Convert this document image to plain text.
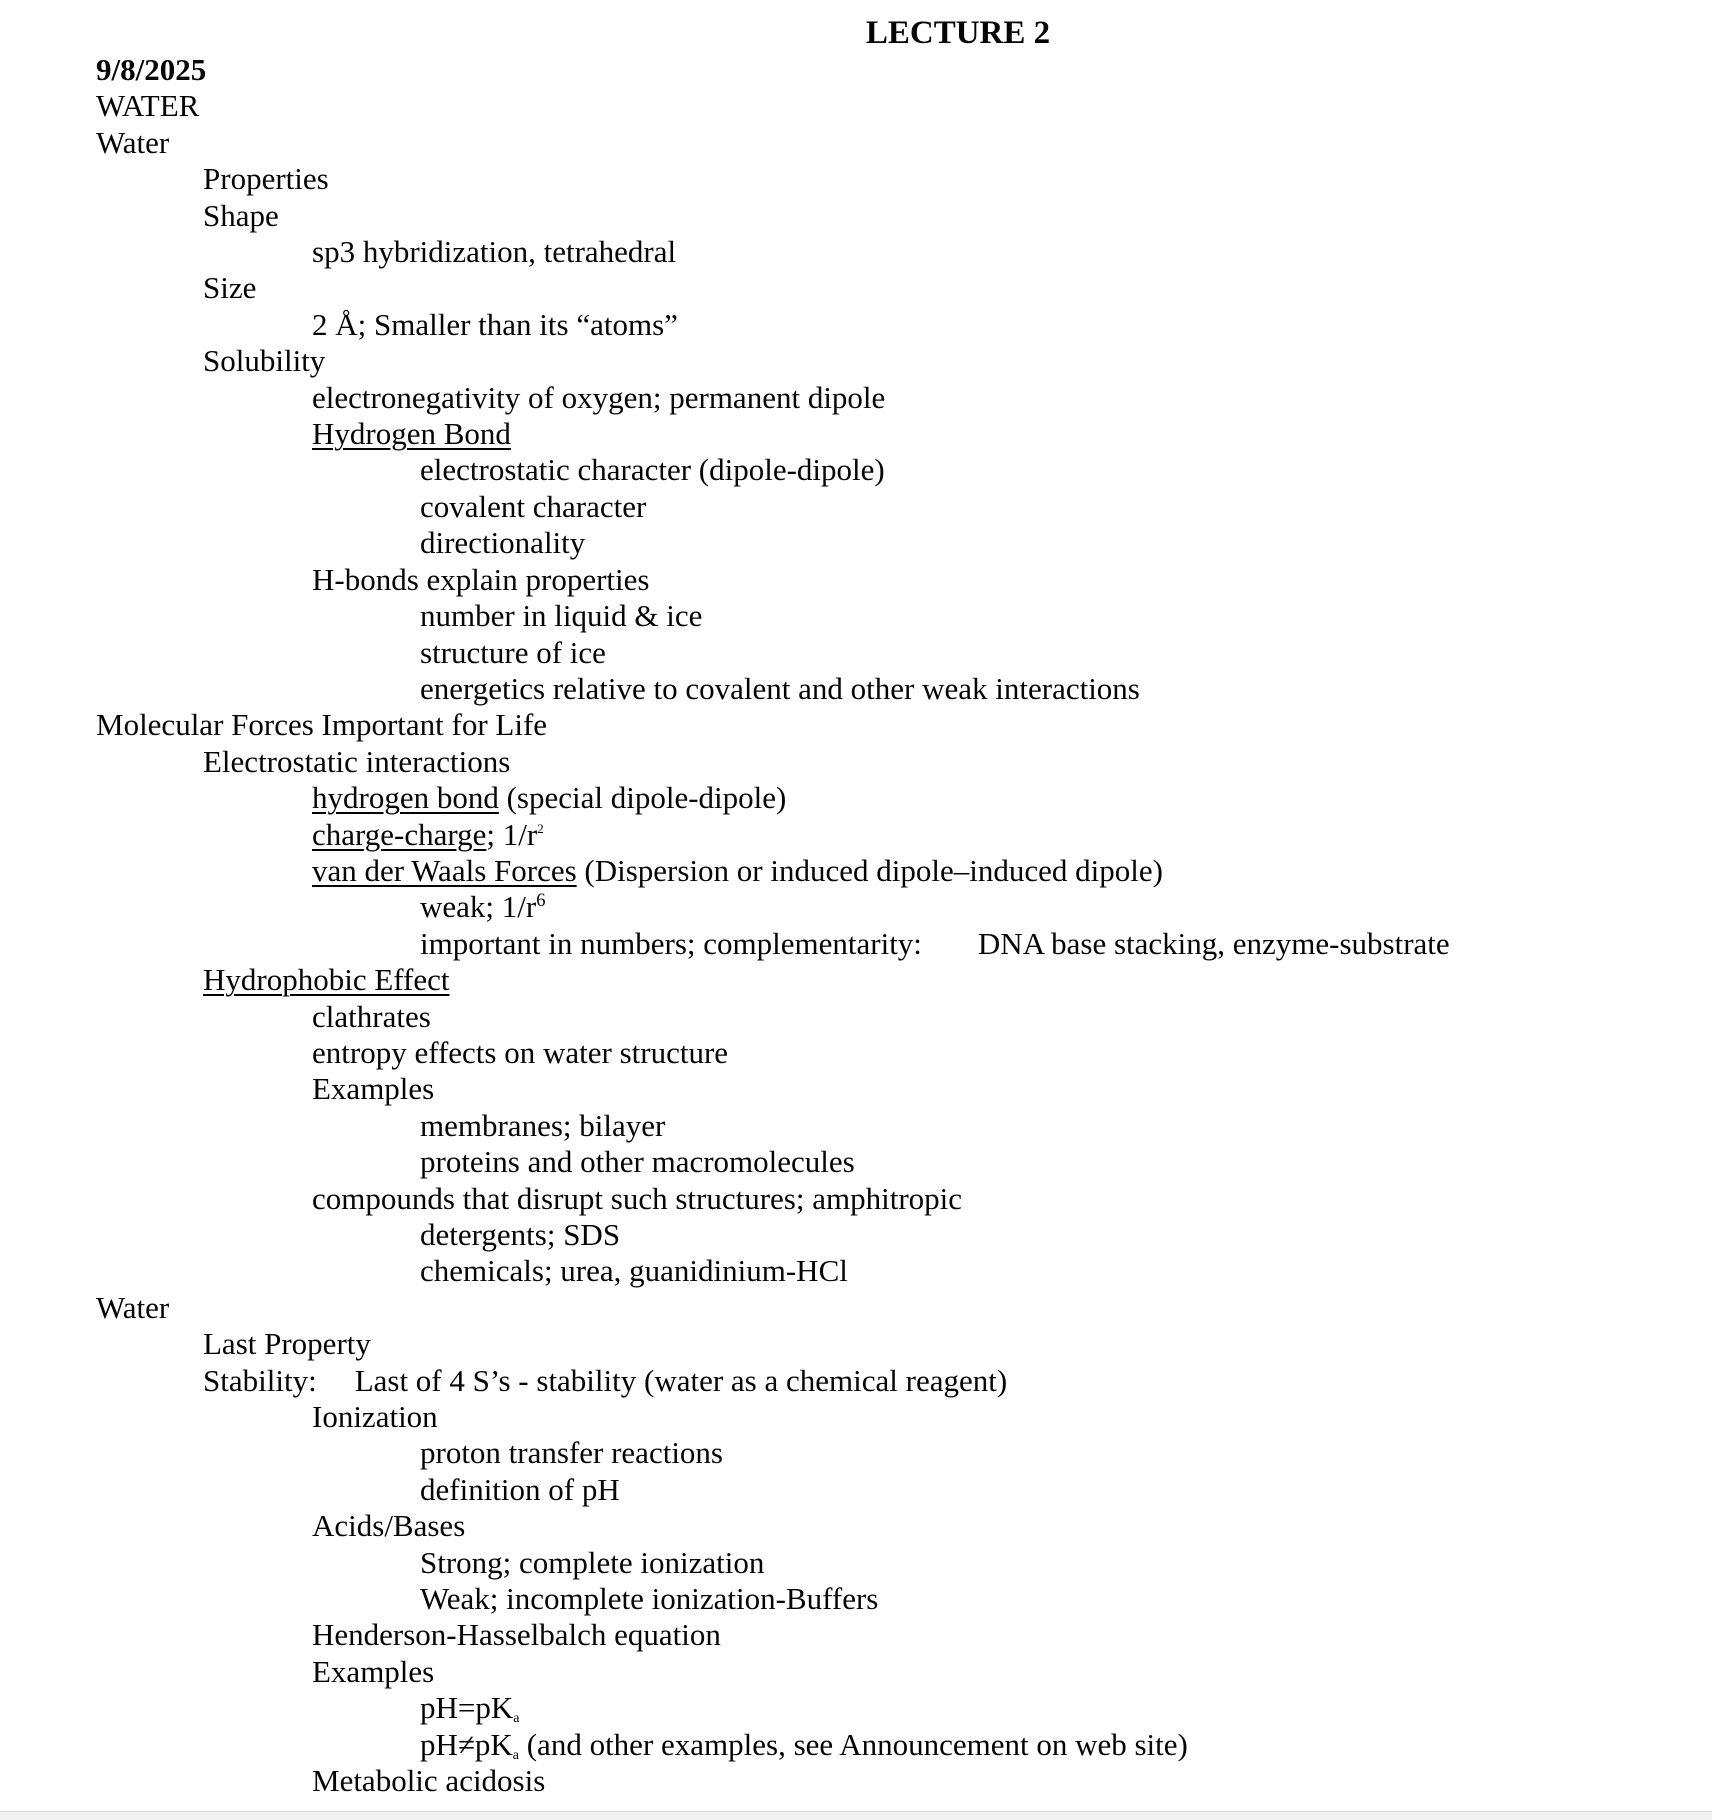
LECTURE 2
9/8/2025
WATER
Water
Properties
Shape
sp3 hybridization, tetrahedral
Size
2 Å; Smaller than its “atoms”
Solubility
electronegativity of oxygen; permanent dipole
Hydrogen Bond
electrostatic character (dipole-dipole)
covalent character
directionality
H-bonds explain properties
number in liquid & ice
structure of ice
energetics relative to covalent and other weak interactions
Molecular Forces Important for Life
Electrostatic interactions
hydrogen bond (special dipole-dipole)
charge-charge; $1/r^2$
van der Waals Forces (Dispersion or induced dipole–induced dipole)
weak; $1/r^6$
important in numbers; complementarity: DNA base stacking, enzyme-substrate
Hydrophobic Effect
clathrates
entropy effects on water structure
Examples
membranes; bilayer
proteins and other macromolecules
compounds that disrupt such structures; amphitropic
detergents; SDS
chemicals; urea, guanidinium-HCl
Water
Last Property
Stability: Last of 4 S’s - stability (water as a chemical reagent)
Ionization
proton transfer reactions
definition of pH
Acids/Bases
Strong; complete ionization
Weak; incomplete ionization-Buffers
Henderson-Hasselbalch equation
Examples
$pH=pK_a$
$pH\ne pK_a$ (and other examples, see Announcement on web site)
Metabolic acidosis
